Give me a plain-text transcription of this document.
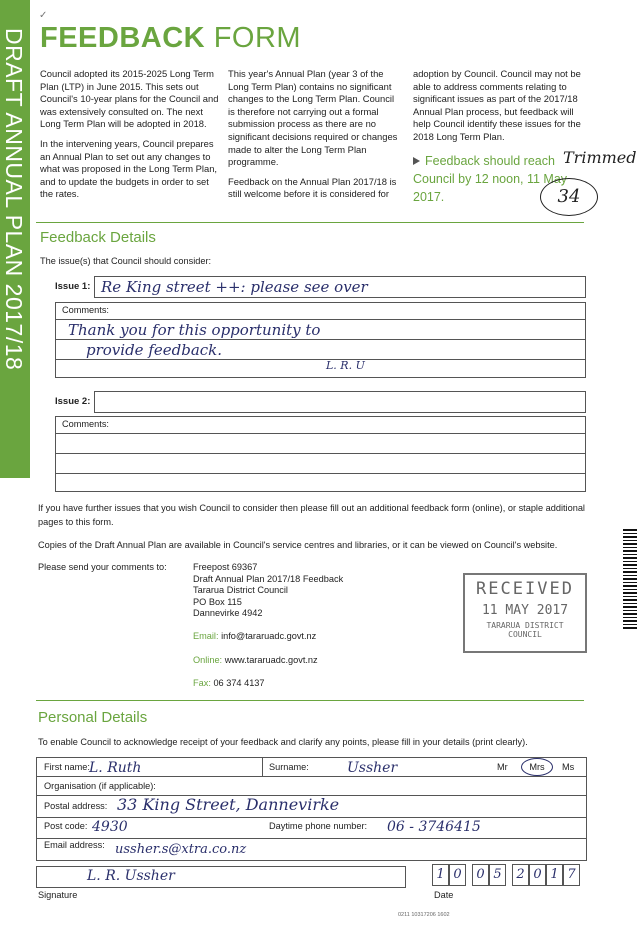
DRAFT ANNUAL PLAN 2017/18
✓
FEEDBACK FORM

Council adopted its 2015-2025 Long Term Plan (LTP) in June 2015. This sets out Council's 10-year plans for the Council and was extensively consulted on. The next Long Term Plan will be adopted in 2018.

In the intervening years, Council prepares an Annual Plan to set out any changes to what was proposed in the Long Term Plan, and to update the budgets in order to set the rates.

This year's Annual Plan (year 3 of the Long Term Plan) contains no significant changes to the Long Term Plan. Council is therefore not carrying out a formal submission process as there are no significant decisions required or changes made to alter the Long Term Plan programme.

Feedback on the Annual Plan 2017/18 is still welcome before it is considered for

adoption by Council. Council may not be able to address comments relating to significant issues as part of the 2017/18 Annual Plan process, but feedback will help Council identify these issues for the 2018 Long Term Plan.

Feedback should reach Council by 12 noon, 11 May 2017.
Trimmed
34
Feedback Details
The issue(s) that Council should consider:
Issue 1: Re King street ++: please see over
Comments:
Thank you for this opportunity to
provide feedback.
L. R. U
Issue 2:
Comments:
If you have further issues that you wish Council to consider then please fill out an additional feedback form (online), or staple additional pages to this form.
Copies of the Draft Annual Plan are available in Council's service centres and libraries, or it can be viewed on Council's website.
Please send your comments to:	Freepost 69367
Draft Annual Plan 2017/18 Feedback
Tararua District Council
PO Box 115
Dannevirke 4942
Email: info@tararuadc.govt.nz
Online: www.tararuadc.govt.nz
Fax: 06 374 4137
RECEIVED
11 MAY 2017
TARARUA DISTRICT
COUNCIL
Personal Details
To enable Council to acknowledge receipt of your feedback and clarify any points, please fill in your details (print clearly).
First name: L. Ruth	Surname:	Ussher	Mr	Mrs	Ms
Organisation (if applicable):
Postal address: 33 King Street, Dannevirke
Post code: 4930	Daytime phone number: 06 - 3746415
Email address: ussher.s@xtra.co.nz
L. R. Ussher
Signature
1 0	0 5	2 0 1 7
Date
0211 10317206 1602
